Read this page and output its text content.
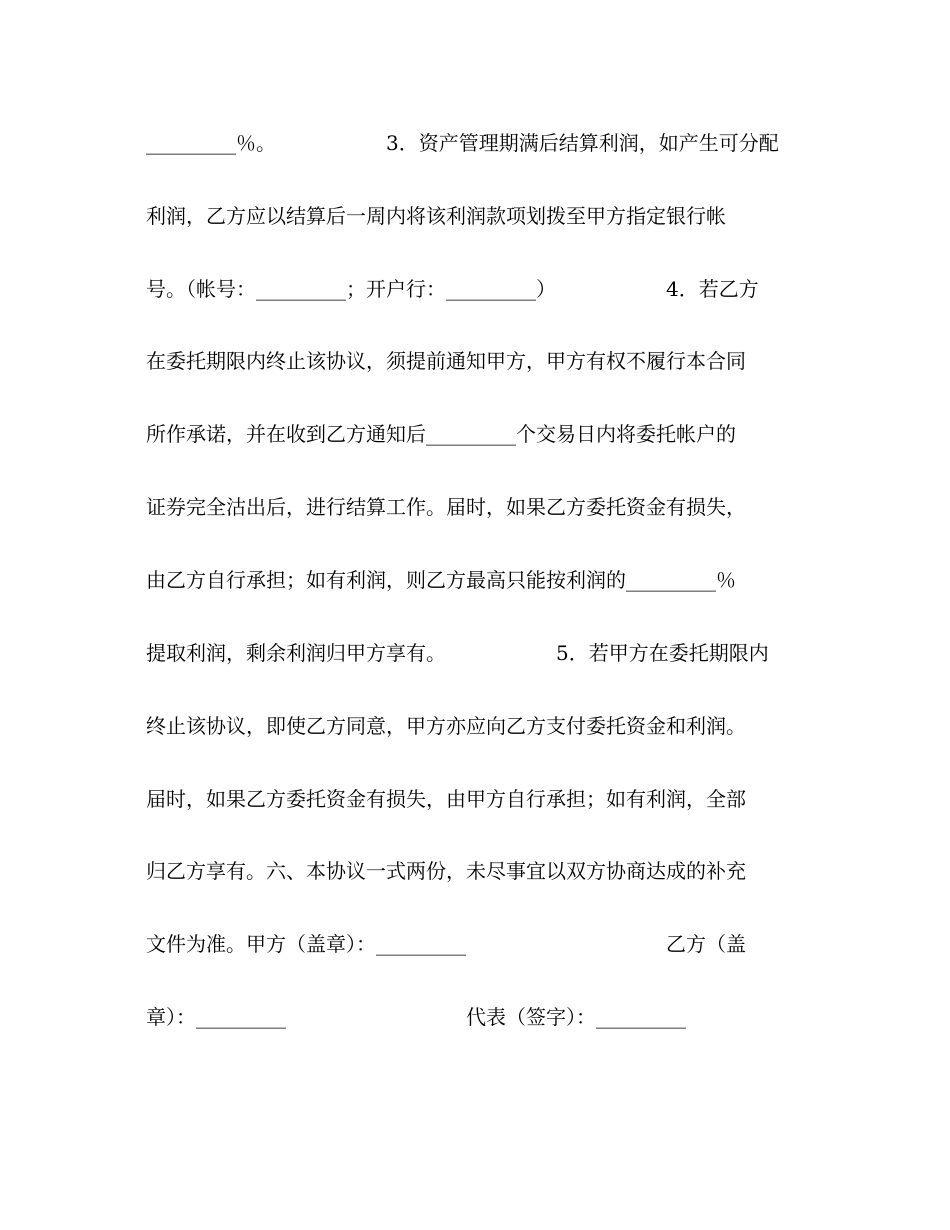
_________％。　　　　　　3．资产管理期满后结算利润，如产生可分配
利润，乙方应以结算后一周内将该利润款项划拨至甲方指定银行帐
号。（帐号：_________；开户行：_________）　　　　　　4．若乙方
在委托期限内终止该协议，须提前通知甲方，甲方有权不履行本合同
所作承诺，并在收到乙方通知后_________个交易日内将委托帐户的
证券完全沽出后，进行结算工作。届时，如果乙方委托资金有损失，
由乙方自行承担；如有利润，则乙方最高只能按利润的_________％
提取利润，剩余利润归甲方享有。　　　　　　5．若甲方在委托期限内
终止该协议，即使乙方同意，甲方亦应向乙方支付委托资金和利润。
届时，如果乙方委托资金有损失，由甲方自行承担；如有利润，全部
归乙方享有。六、本协议一式两份，未尽事宜以双方协商达成的补充
文件为准。甲方（盖章）：_________　　　　　　　　　　乙方（盖
章）：_________　　　　　　　　　代表（签字）：_________
